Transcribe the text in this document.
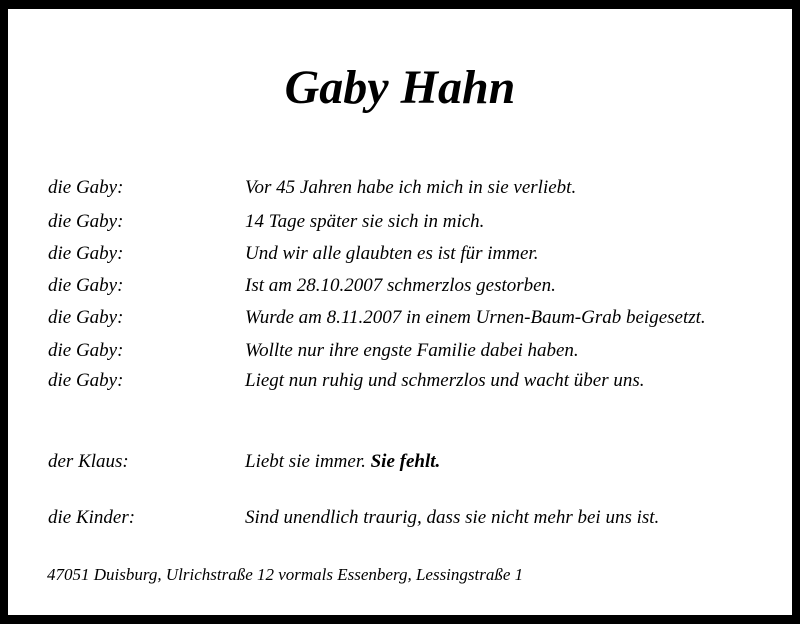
Gaby Hahn
die Gaby:	Vor 45 Jahren habe ich mich in sie verliebt.
die Gaby:	14 Tage später sie sich in mich.
die Gaby:	Und wir alle glaubten es ist für immer.
die Gaby:	Ist am 28.10.2007 schmerzlos gestorben.
die Gaby:	Wurde am 8.11.2007 in einem Urnen-Baum-Grab beigesetzt.
die Gaby:	Wollte nur ihre engste Familie dabei haben.
die Gaby:	Liegt nun ruhig und schmerzlos und wacht über uns.
der Klaus:	Liebt sie immer. Sie fehlt.
die Kinder:	Sind unendlich traurig, dass sie nicht mehr bei uns ist.
47051 Duisburg, Ulrichstraße 12 vormals Essenberg, Lessingstraße 1
